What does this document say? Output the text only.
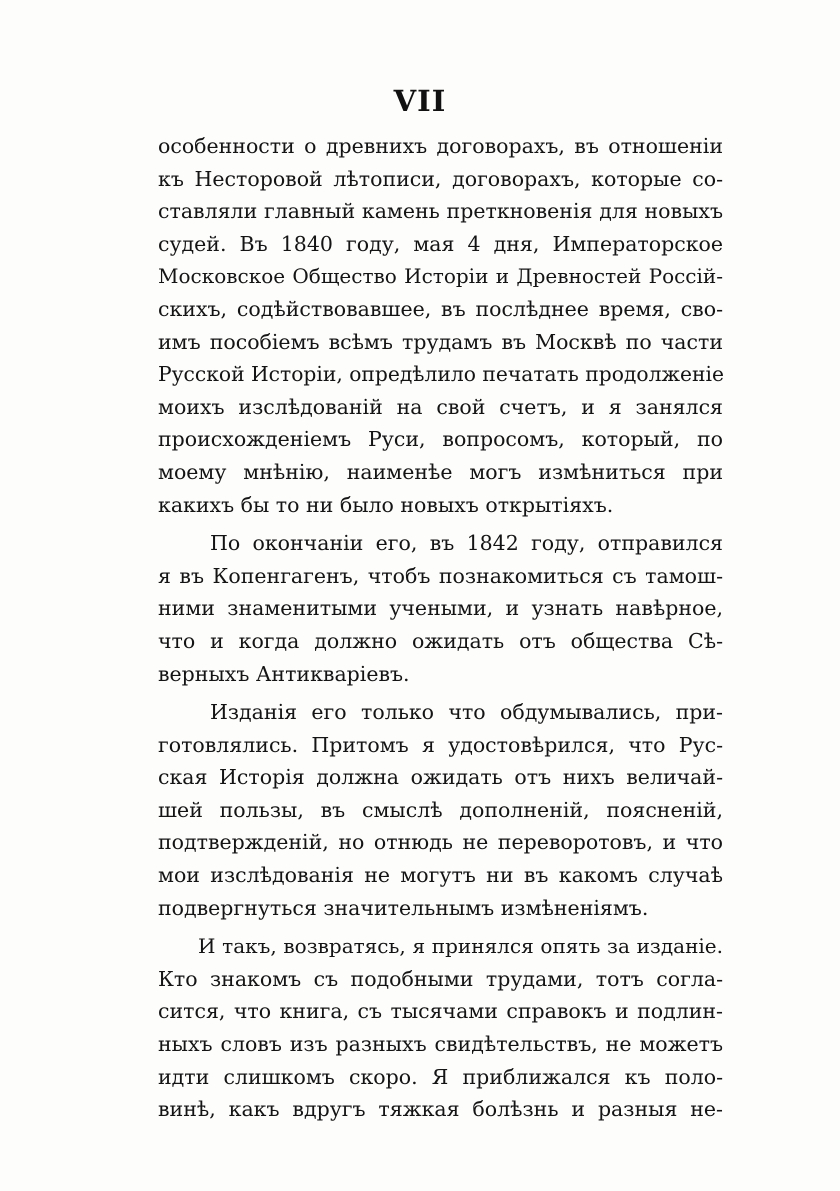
VII
особенности о древнихъ договорахъ, въ отношеніи
къ Несторовой лѣтописи, договорахъ, которые со-
ставляли главный камень преткновенія для новыхъ
судей. Въ 1840 году, мая 4 дня, Императорское
Московское Общество Исторіи и Древностей Россій-
скихъ, содѣйствовавшее, въ послѣднее время, сво-
имъ пособіемъ всѣмъ трудамъ въ Москвѣ по части
Русской Исторіи, опредѣлило печатать продолженіе
моихъ изслѣдованій на свой счетъ, и я занялся
происхожденіемъ Руси, вопросомъ, который, по
моему мнѣнію, наименѣе могъ измѣниться при
какихъ бы то ни было новыхъ открытіяхъ.
По окончаніи его, въ 1842 году, отправился
я въ Копенгагенъ, чтобъ познакомиться съ тамош-
ними знаменитыми учеными, и узнать навѣрное,
что и когда должно ожидать отъ общества Сѣ-
верныхъ Антикваріевъ.
Изданія его только что обдумывались, при-
готовлялись. Притомъ я удостовѣрился, что Рус-
ская Исторія должна ожидать отъ нихъ величай-
шей пользы, въ смыслѣ дополненій, поясненій,
подтвержденій, но отнюдь не переворотовъ, и что
мои изслѣдованія не могутъ ни въ какомъ случаѣ
подвергнуться значительнымъ измѣненіямъ.
И такъ, возвратясь, я принялся опять за изданіе.
Кто знакомъ съ подобными трудами, тотъ согла-
сится, что книга, съ тысячами справокъ и подлин-
ныхъ словъ изъ разныхъ свидѣтельствъ, не можетъ
идти слишкомъ скоро. Я приближался къ поло-
винѣ, какъ вдругъ тяжкая болѣзнь и разныя не-
